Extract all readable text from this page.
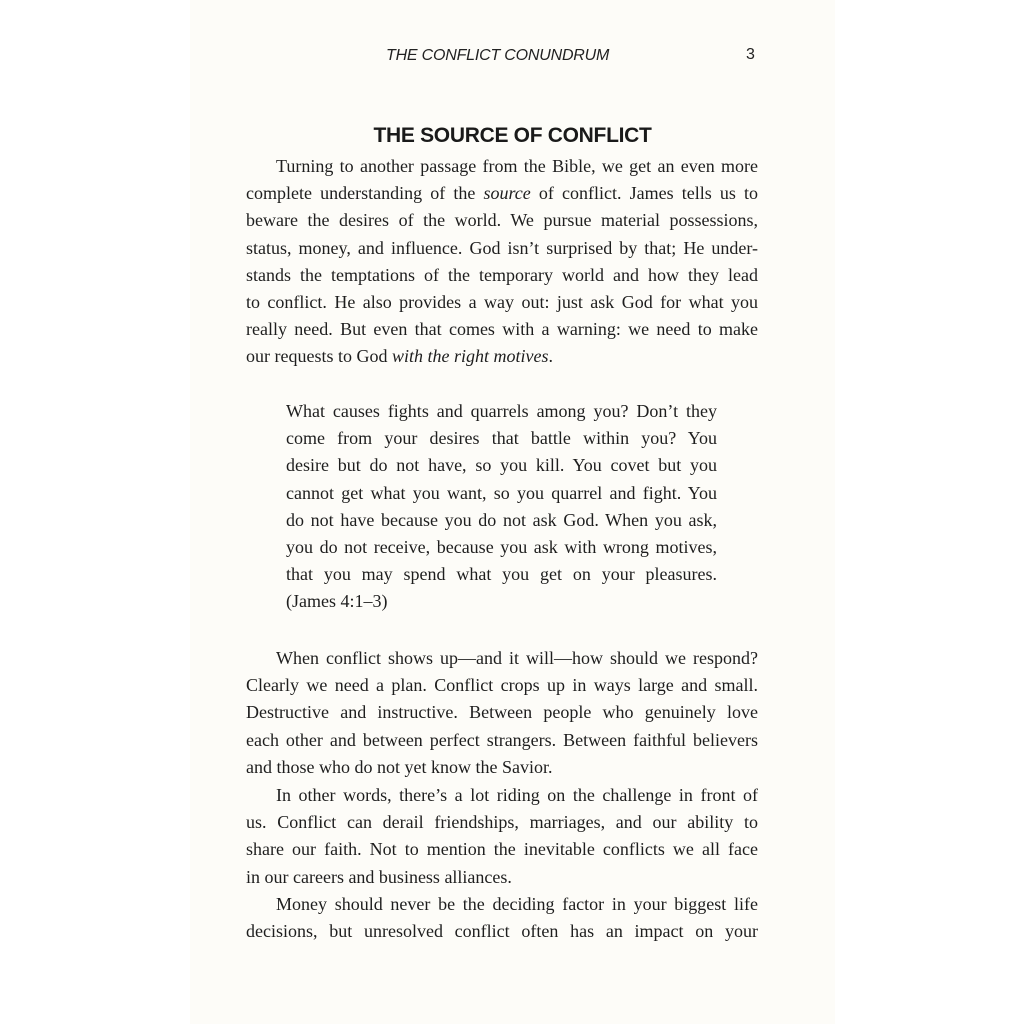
THE CONFLICT CONUNDRUM	3
THE SOURCE OF CONFLICT
Turning to another passage from the Bible, we get an even more
complete understanding of the source of conflict. James tells us to
beware the desires of the world. We pursue material possessions,
status, money, and influence. God isn’t surprised by that; He under-
stands the temptations of the temporary world and how they lead
to conflict. He also provides a way out: just ask God for what you
really need. But even that comes with a warning: we need to make
our requests to God with the right motives.
What causes fights and quarrels among you? Don’t they
come from your desires that battle within you? You
desire but do not have, so you kill. You covet but you
cannot get what you want, so you quarrel and fight. You
do not have because you do not ask God. When you ask,
you do not receive, because you ask with wrong motives,
that you may spend what you get on your pleasures.
(James 4:1–3)
When conflict shows up—and it will—how should we respond?
Clearly we need a plan. Conflict crops up in ways large and small.
Destructive and instructive. Between people who genuinely love
each other and between perfect strangers. Between faithful believers
and those who do not yet know the Savior.
In other words, there’s a lot riding on the challenge in front of
us. Conflict can derail friendships, marriages, and our ability to
share our faith. Not to mention the inevitable conflicts we all face
in our careers and business alliances.
Money should never be the deciding factor in your biggest life
decisions, but unresolved conflict often has an impact on your
